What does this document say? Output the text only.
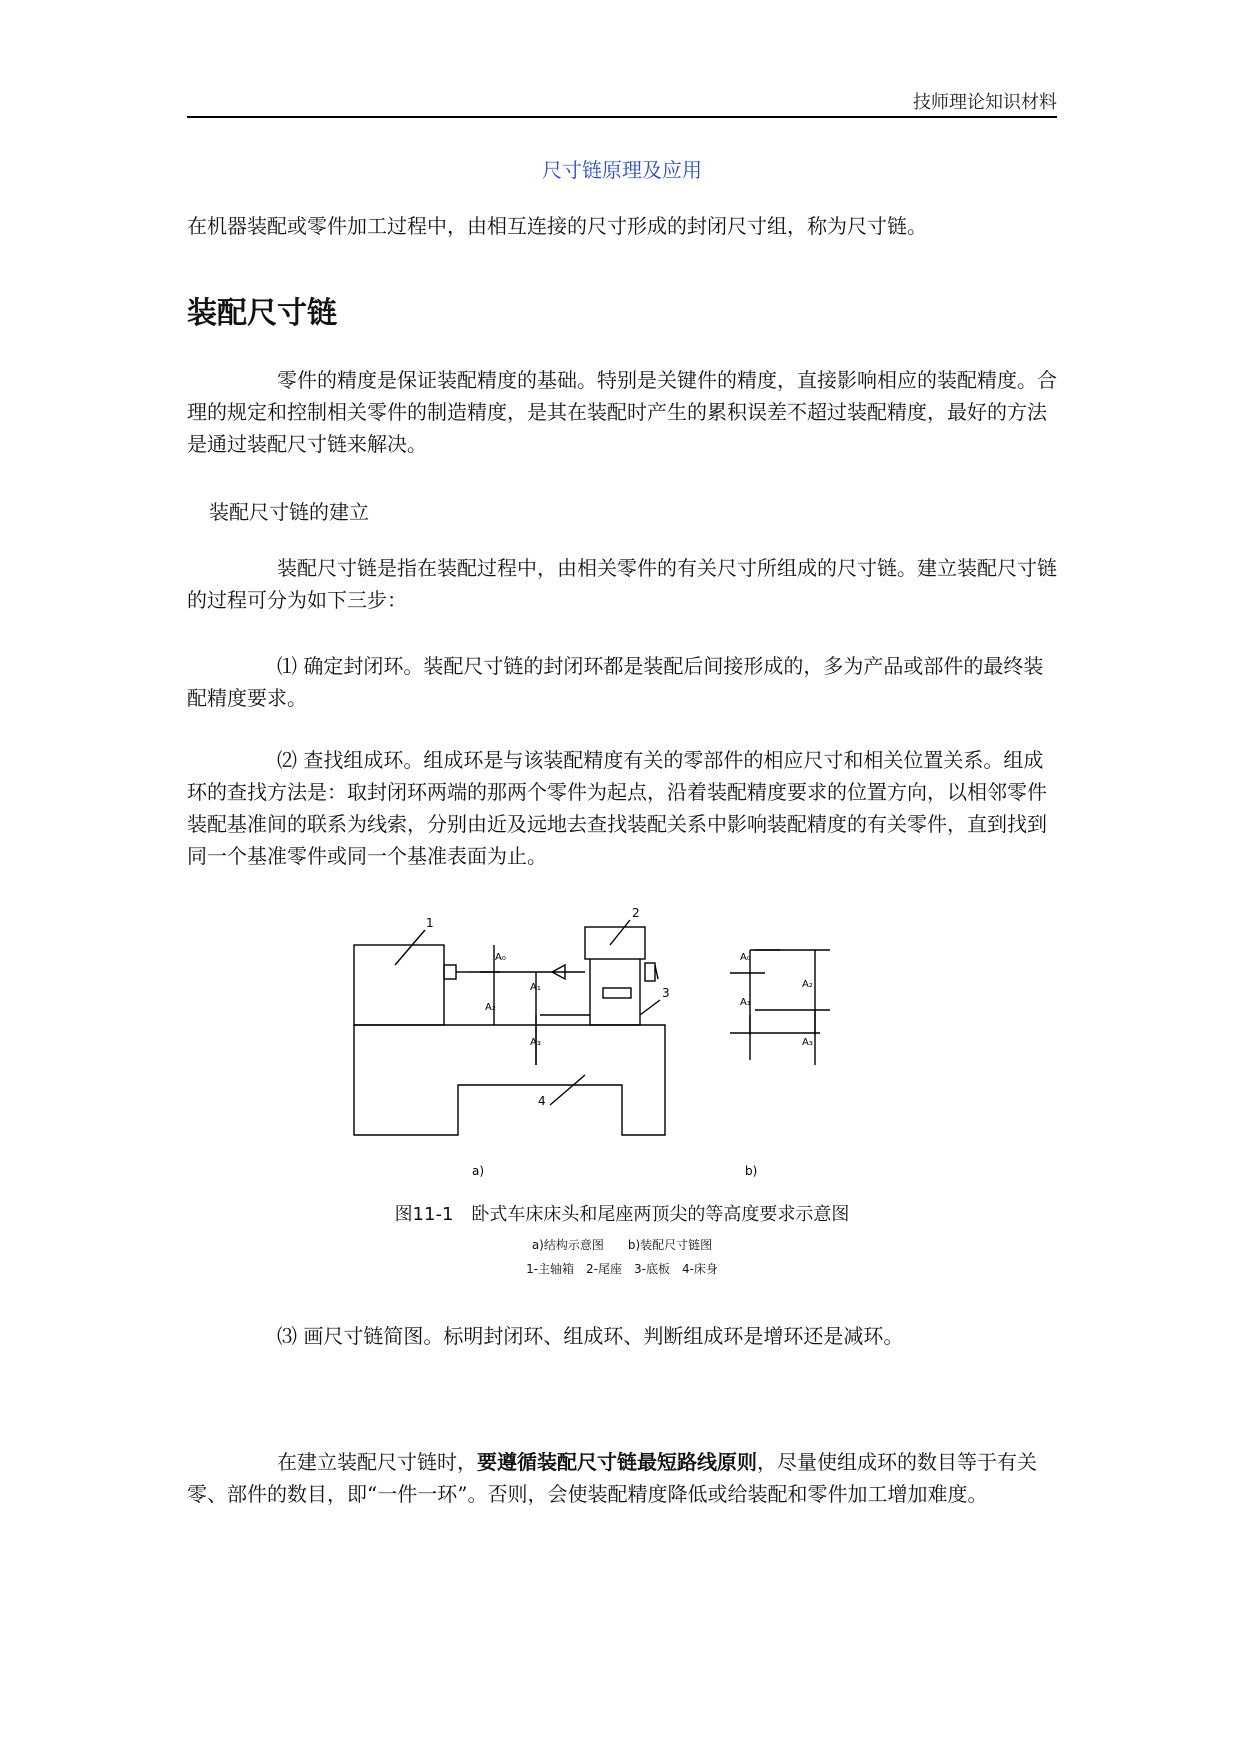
技师理论知识材料
尺寸链原理及应用

在机器装配或零件加工过程中，由相互连接的尺寸形成的封闭尺寸组，称为尺寸链。

装配尺寸链

零件的精度是保证装配精度的基础。特别是关键件的精度，直接影响相应的装配精度。合理的规定和控制相关零件的制造精度，是其在装配时产生的累积误差不超过装配精度，最好的方法是通过装配尺寸链来解决。

装配尺寸链的建立

装配尺寸链是指在装配过程中，由相关零件的有关尺寸所组成的尺寸链。建立装配尺寸链的过程可分为如下三步：

⑴ 确定封闭环。装配尺寸链的封闭环都是装配后间接形成的，多为产品或部件的最终装配精度要求。

⑵ 查找组成环。组成环是与该装配精度有关的零部件的相应尺寸和相关位置关系。组成环的查找方法是：取封闭环两端的那两个零件为起点，沿着装配精度要求的位置方向，以相邻零件装配基准间的联系为线索，分别由近及远地去查找装配关系中影响装配精度的有关零件，直到找到同一个基准零件或同一个基准表面为止。

1
2
3
4
A₀
A₁
A₂
A₃
A₀
A₁
A₂
A₃
a)	b)
图11-1　卧式车床床头和尾座两顶尖的等高度要求示意图
a)结构示意图　　b)装配尺寸链图
1-主轴箱　2-尾座　3-底板　4-床身

⑶ 画尺寸链简图。标明封闭环、组成环、判断组成环是增环还是减环。

在建立装配尺寸链时，要遵循装配尺寸链最短路线原则，尽量使组成环的数目等于有关零、部件的数目，即“一件一环”。否则，会使装配精度降低或给装配和零件加工增加难度。
